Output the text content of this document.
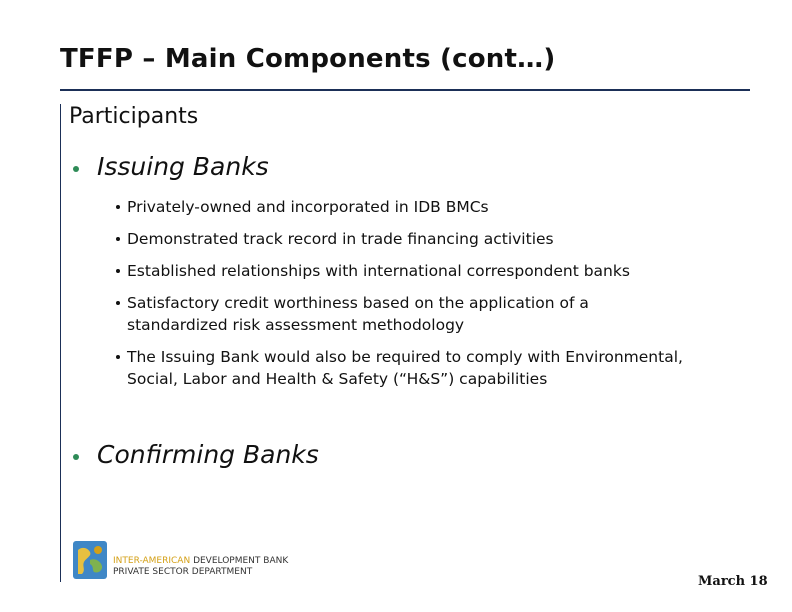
TFFP – Main Components (cont…)
Participants
Issuing Banks
Privately-owned and incorporated in IDB BMCs
Demonstrated track record in trade financing activities
Established relationships with international correspondent banks
Satisfactory credit worthiness based on the application of a standardized risk assessment methodology
The Issuing Bank would also be required to comply with Environmental, Social, Labor and Health & Safety (“H&S”) capabilities
Confirming Banks
INTER-AMERICAN DEVELOPMENT BANK
PRIVATE SECTOR DEPARTMENT
March 18
